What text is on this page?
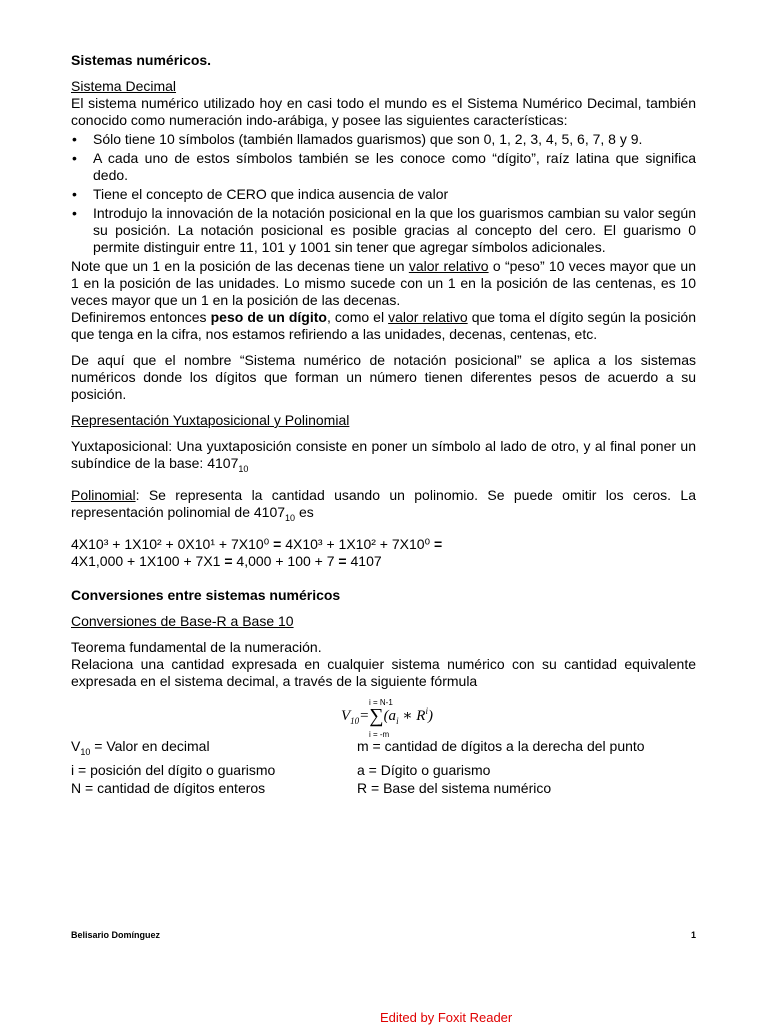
Sistemas numéricos.

Sistema Decimal

El sistema numérico utilizado hoy en casi todo el mundo es el Sistema Numérico Decimal, también conocido como numeración indo-arábiga, y posee las siguientes características:

• Sólo tiene 10 símbolos (también llamados guarismos) que son 0, 1, 2, 3, 4, 5, 6, 7, 8 y 9.
• A cada uno de estos símbolos también se les conoce como “dígito”, raíz latina que significa dedo.
• Tiene el concepto de CERO que indica ausencia de valor
• Introdujo la innovación de la notación posicional en la que los guarismos cambian su valor según su posición. La notación posicional es posible gracias al concepto del cero. El guarismo 0 permite distinguir entre 11, 101 y 1001 sin tener que agregar símbolos adicionales.

Note que un 1 en la posición de las decenas tiene un valor relativo o “peso” 10 veces mayor que un 1 en la posición de las unidades. Lo mismo sucede con un 1 en la posición de las centenas, es 10 veces mayor que un 1 en la posición de las decenas.

Definiremos entonces peso de un dígito, como el valor relativo que toma el dígito según la posición que tenga en la cifra, nos estamos refiriendo a las unidades, decenas, centenas, etc.

De aquí que el nombre “Sistema numérico de notación posicional” se aplica a los sistemas numéricos donde los dígitos que forman un número tienen diferentes pesos de acuerdo a su posición.

Representación Yuxtaposicional y Polinomial

Yuxtaposicional: Una yuxtaposición consiste en poner un símbolo al lado de otro, y al final poner un subíndice de la base: $4107_{10}$

Polinomial: Se representa la cantidad usando un polinomio. Se puede omitir los ceros. La representación polinomial de $4107_{10}$ es

4X10³ + 1X10² + 0X10¹ + 7X10⁰ = 4X10³ + 1X10² + 7X10⁰ =

4X1,000 + 1X100 + 7X1 = 4,000 + 100 + 7 = 4107

Conversiones entre sistemas numéricos

Conversiones de Base-R a Base 10

Teorema fundamental de la numeración.

Relaciona una cantidad expresada en cualquier sistema numérico con su cantidad equivalente expresada en el sistema decimal, a través de la siguiente fórmula

i = N-1
$V_{10}=\sum(a_i$ ∗ $R^i$)
i = -m
$V_{10}$ = Valor en decimal	m = cantidad de dígitos a la derecha del punto
i = posición del dígito o guarismo	a = Dígito o guarismo
N = cantidad de dígitos enteros	R = Base del sistema numérico
Belisario Domínguez	1
Edited by Foxit Reader
